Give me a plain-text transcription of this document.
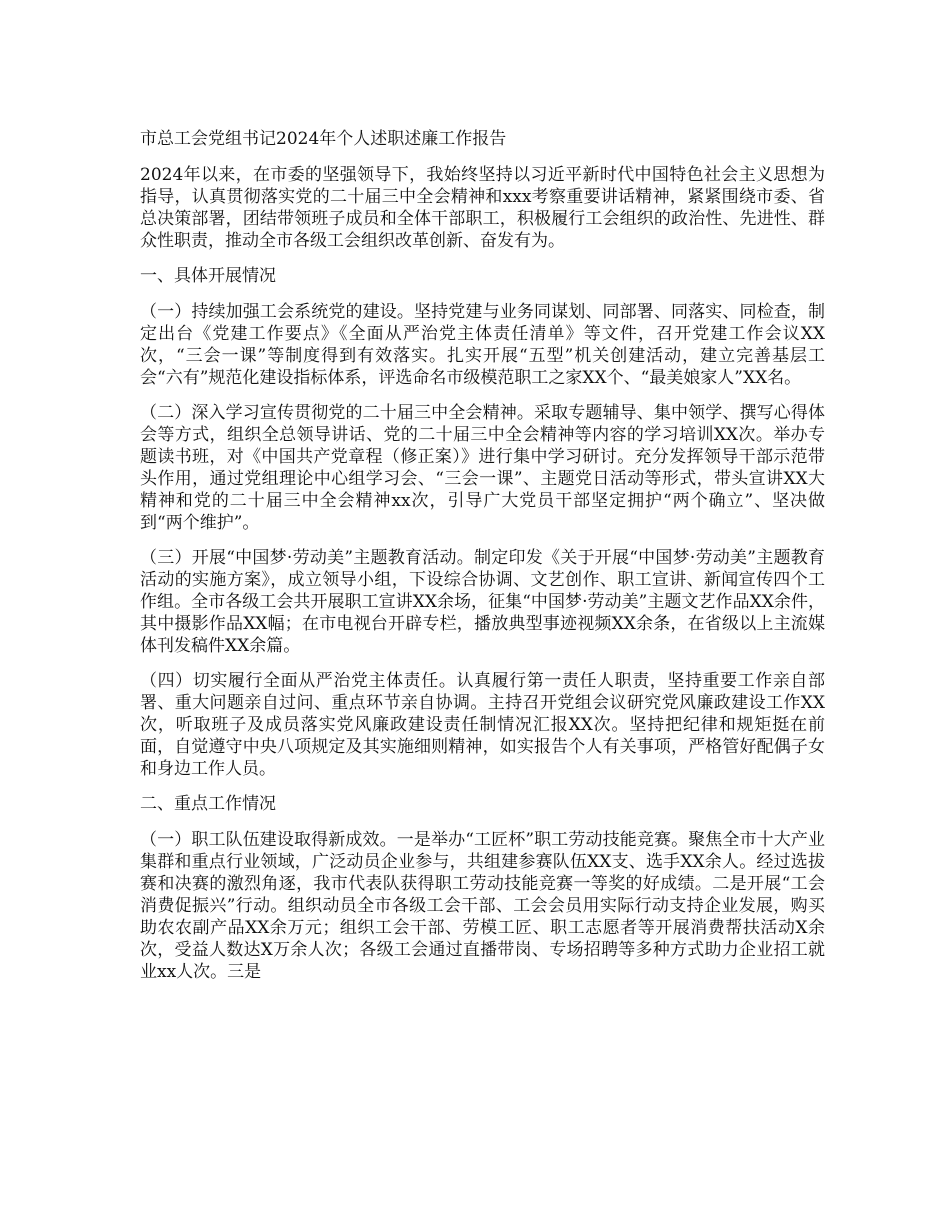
市总工会党组书记2024年个人述职述廉工作报告

2024年以来，在市委的坚强领导下，我始终坚持以习近平新时代中国特色社会主义思想为指导，认真贯彻落实党的二十届三中全会精神和xxx考察重要讲话精神，紧紧围绕市委、省总决策部署，团结带领班子成员和全体干部职工，积极履行工会组织的政治性、先进性、群众性职责，推动全市各级工会组织改革创新、奋发有为。

一、具体开展情况

（一）持续加强工会系统党的建设。坚持党建与业务同谋划、同部署、同落实、同检查，制定出台《党建工作要点》《全面从严治党主体责任清单》等文件，召开党建工作会议XX次，“三会一课”等制度得到有效落实。扎实开展“五型”机关创建活动，建立完善基层工会“六有”规范化建设指标体系，评选命名市级模范职工之家XX个、“最美娘家人”XX名。

（二）深入学习宣传贯彻党的二十届三中全会精神。采取专题辅导、集中领学、撰写心得体会等方式，组织全总领导讲话、党的二十届三中全会精神等内容的学习培训XX次。举办专题读书班，对《中国共产党章程（修正案）》进行集中学习研讨。充分发挥领导干部示范带头作用，通过党组理论中心组学习会、“三会一课”、主题党日活动等形式，带头宣讲XX大精神和党的二十届三中全会精神xx次，引导广大党员干部坚定拥护“两个确立”、坚决做到“两个维护”。

（三）开展“中国梦·劳动美”主题教育活动。制定印发《关于开展“中国梦·劳动美”主题教育活动的实施方案》，成立领导小组，下设综合协调、文艺创作、职工宣讲、新闻宣传四个工作组。全市各级工会共开展职工宣讲XX余场，征集“中国梦·劳动美”主题文艺作品XX余件，其中摄影作品XX幅；在市电视台开辟专栏，播放典型事迹视频XX余条，在省级以上主流媒体刊发稿件XX余篇。

（四）切实履行全面从严治党主体责任。认真履行第一责任人职责，坚持重要工作亲自部署、重大问题亲自过问、重点环节亲自协调。主持召开党组会议研究党风廉政建设工作XX次，听取班子及成员落实党风廉政建设责任制情况汇报XX次。坚持把纪律和规矩挺在前面，自觉遵守中央八项规定及其实施细则精神，如实报告个人有关事项，严格管好配偶子女和身边工作人员。

二、重点工作情况

（一）职工队伍建设取得新成效。一是举办“工匠杯”职工劳动技能竞赛。聚焦全市十大产业集群和重点行业领域，广泛动员企业参与，共组建参赛队伍XX支、选手XX余人。经过选拔赛和决赛的激烈角逐，我市代表队获得职工劳动技能竞赛一等奖的好成绩。二是开展“工会消费促振兴”行动。组织动员全市各级工会干部、工会会员用实际行动支持企业发展，购买助农农副产品XX余万元；组织工会干部、劳模工匠、职工志愿者等开展消费帮扶活动X余次，受益人数达X万余人次；各级工会通过直播带岗、专场招聘等多种方式助力企业招工就业xx人次。三是
